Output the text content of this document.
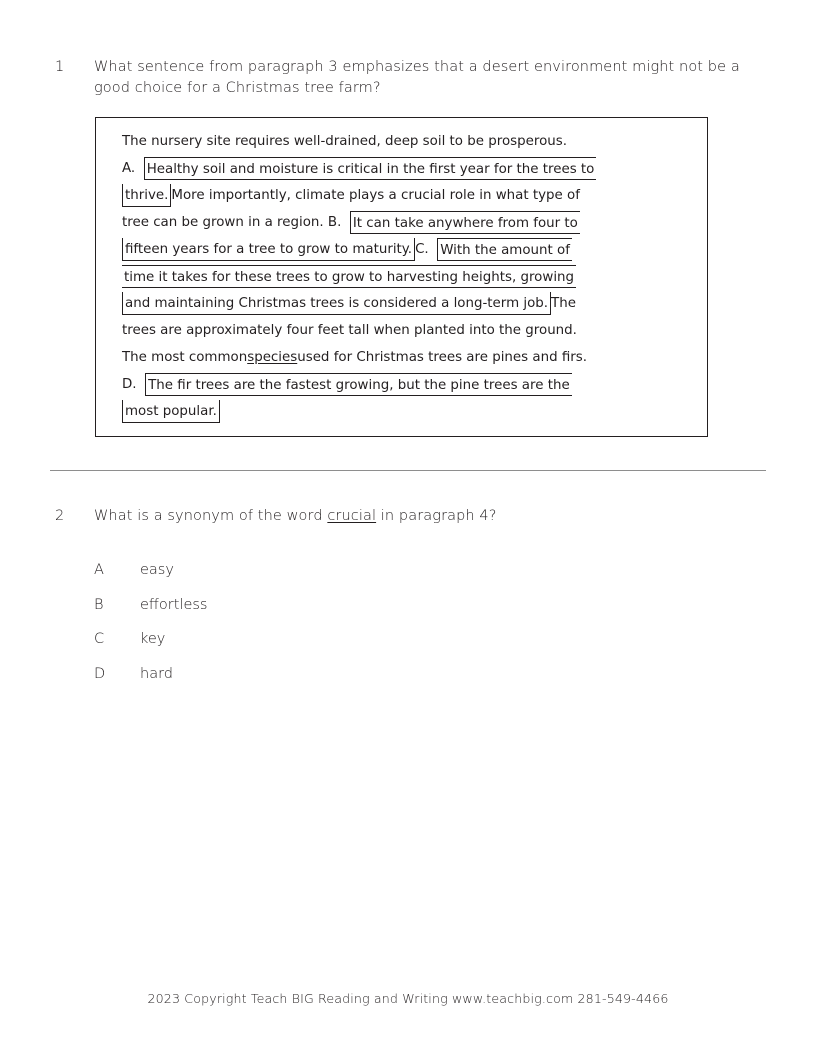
1 What sentence from paragraph 3 emphasizes that a desert environment might not be a good choice for a Christmas tree farm?
The nursery site requires well-drained, deep soil to be prosperous.
A.  Healthy soil and moisture is critical in the first year for the trees to
thrive. More importantly, climate plays a crucial role in what type of
tree can be grown in a region. B.  It can take anywhere from four to
fifteen years for a tree to grow to maturity. C.  With the amount of
time it takes for these trees to grow to harvesting heights, growing
and maintaining Christmas trees is considered a long-term job. The
trees are approximately four feet tall when planted into the ground.
The most commonspeciesused for Christmas trees are pines and firs.
D.  The fir trees are the fastest growing, but the pine trees are the
most popular.
2 What is a synonym of the word crucial in paragraph 4?
A easy
B	effortless
C key
D hard
2023 Copyright Teach BIG Reading and Writing www.teachbig.com 281-549-4466
